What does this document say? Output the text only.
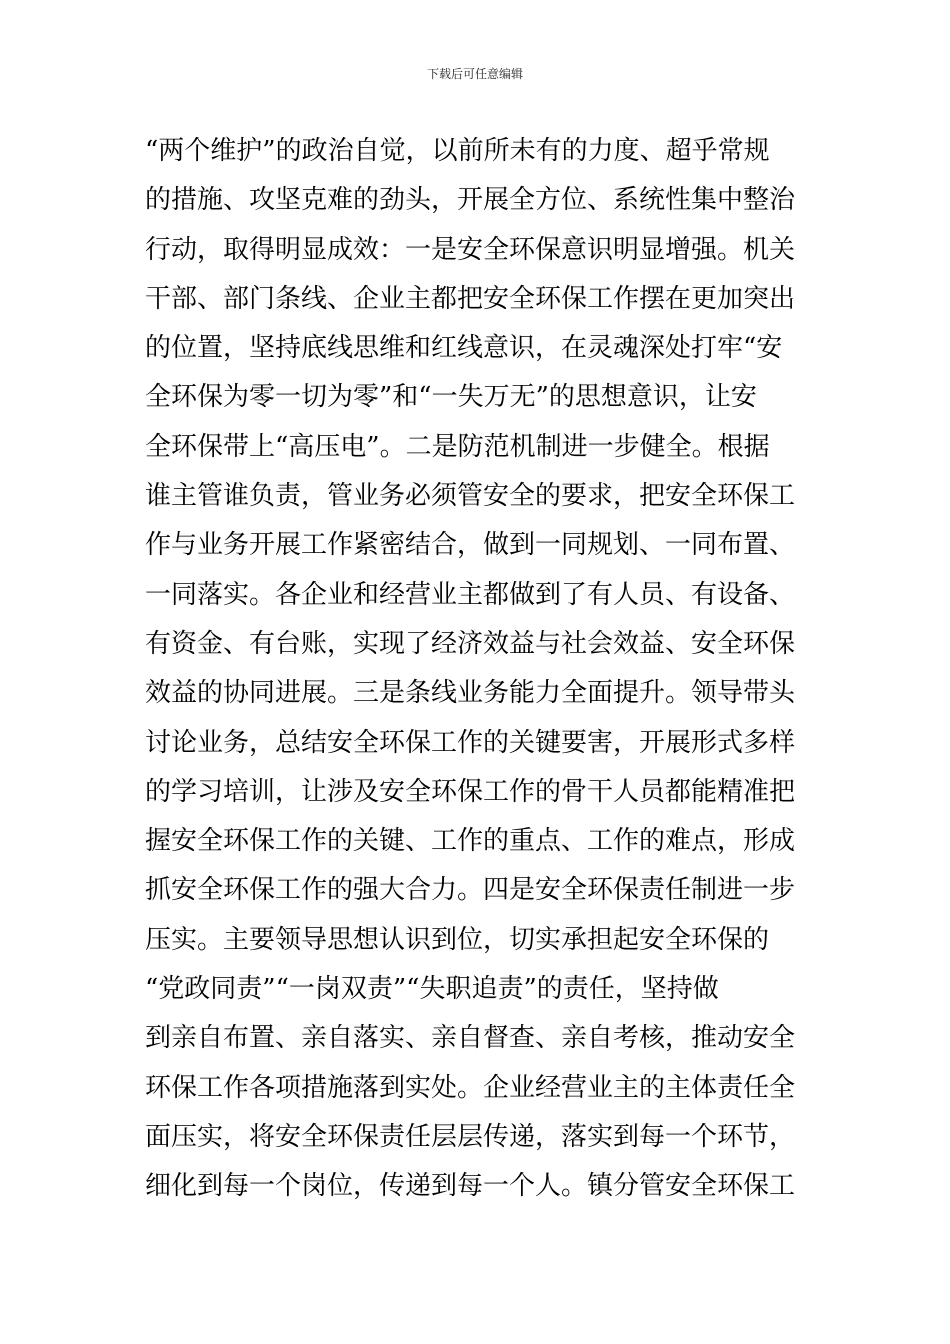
下载后可任意编辑
“两个维护”的政治自觉，以前所未有的力度、超乎常规
的措施、攻坚克难的劲头，开展全方位、系统性集中整治
行动，取得明显成效：一是安全环保意识明显增强。机关
干部、部门条线、企业主都把安全环保工作摆在更加突出
的位置，坚持底线思维和红线意识，在灵魂深处打牢“安
全环保为零一切为零”和“一失万无”的思想意识，让安
全环保带上“高压电”。二是防范机制进一步健全。根据
谁主管谁负责，管业务必须管安全的要求，把安全环保工
作与业务开展工作紧密结合，做到一同规划、一同布置、
一同落实。各企业和经营业主都做到了有人员、有设备、
有资金、有台账，实现了经济效益与社会效益、安全环保
效益的协同进展。三是条线业务能力全面提升。领导带头
讨论业务，总结安全环保工作的关键要害，开展形式多样
的学习培训，让涉及安全环保工作的骨干人员都能精准把
握安全环保工作的关键、工作的重点、工作的难点，形成
抓安全环保工作的强大合力。四是安全环保责任制进一步
压实。主要领导思想认识到位，切实承担起安全环保的
“党政同责”“一岗双责”“失职追责”的责任，坚持做
到亲自布置、亲自落实、亲自督查、亲自考核，推动安全
环保工作各项措施落到实处。企业经营业主的主体责任全
面压实，将安全环保责任层层传递，落实到每一个环节，
细化到每一个岗位，传递到每一个人。镇分管安全环保工
